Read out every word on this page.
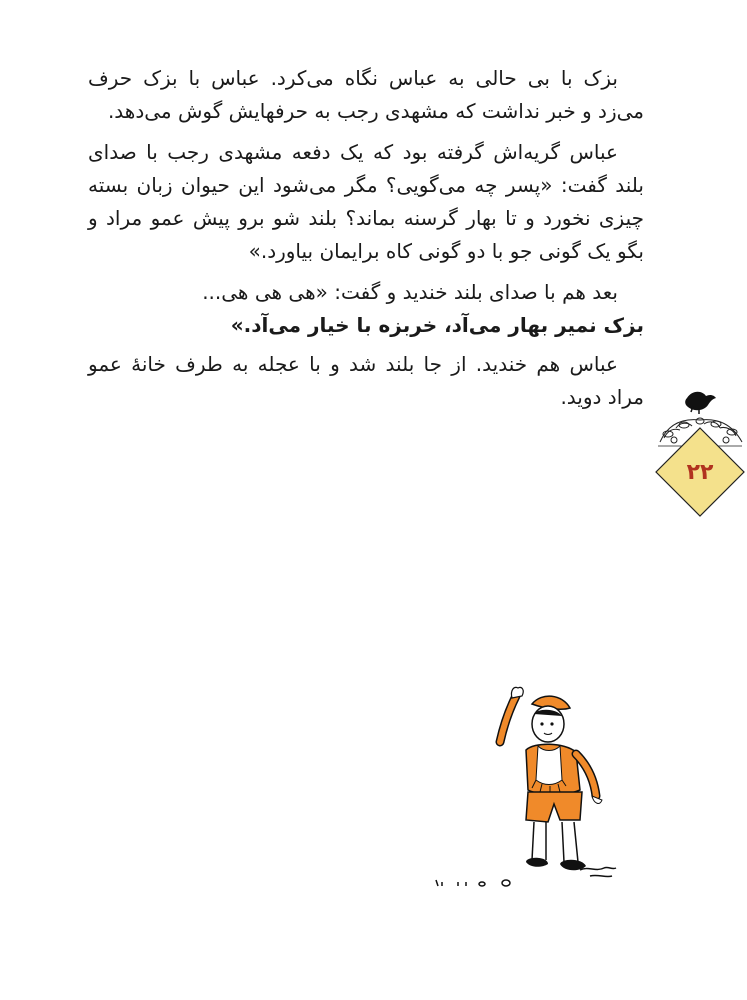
بزک با بی حالی به عباس نگاه می‌کرد. عباس با بزک حرف می‌زد و خبر نداشت که مشهدی رجب به حرفهایش گوش می‌دهد.

عباس گریه‌اش گرفته بود که یک دفعه مشهدی رجب با صدای بلند گفت: «پسر چه می‌گویی؟ مگر می‌شود این حیوان زبان بسته چیزی نخورد و تا بهار گرسنه بماند؟ بلند شو برو پیش عمو مراد و بگو یک گونی جو با دو گونی کاه برایمان بیاورد.»

بعد هم با صدای بلند خندید و گفت: «هی هی هی...
بزک نمیر بهار می‌آد، خربزه با خیار می‌آد.»

عباس هم خندید. از جا بلند شد و با عجله به طرف خانهٔ عمو مراد دوید.

۲۲
